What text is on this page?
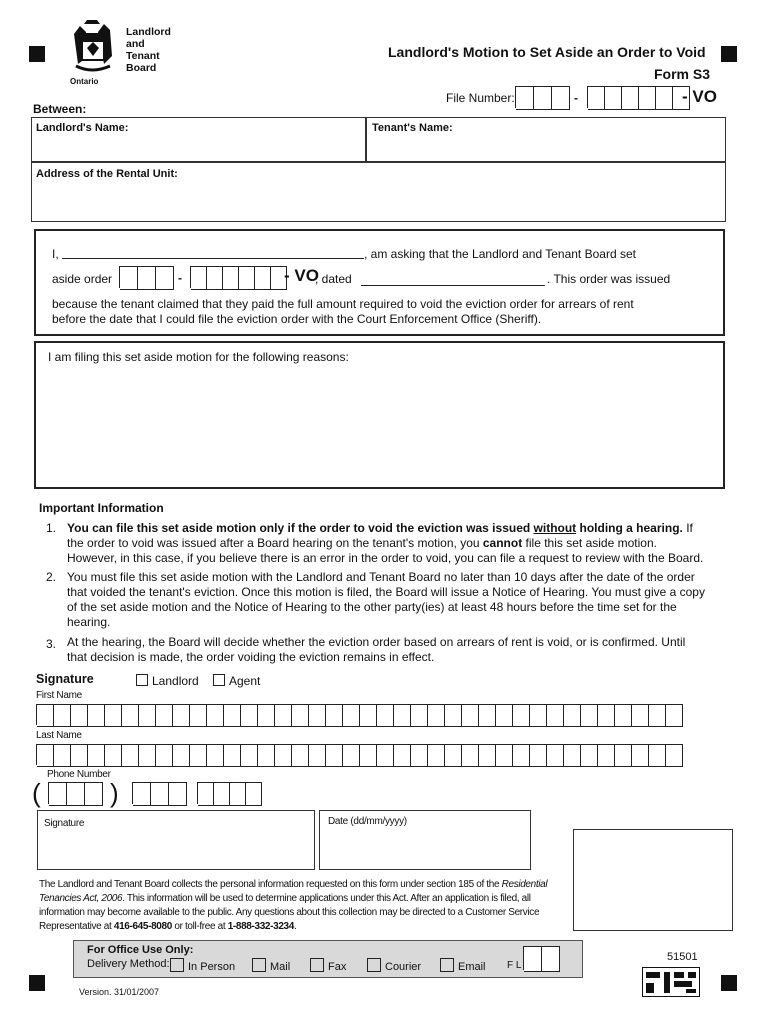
Landlord
and
Tenant
Board
Ontario
Landlord's Motion to Set Aside an Order to Void
Form S3
File Number:	-	- VO
Between:
Landlord's Name:	Tenant's Name:
Address of the Rental Unit:
I,	, am asking that the Landlord and Tenant Board set
aside order	-	- VO
, dated	. This order was issued
because the tenant claimed that they paid the full amount required to void the eviction order for arrears of rent
before the date that I could file the eviction order with the Court Enforcement Office (Sheriff).
I am filing this set aside motion for the following reasons:
Important Information
1. You can file this set aside motion only if the order to void the eviction was issued without holding a hearing. If
the order to void was issued after a Board hearing on the tenant's motion, you cannot file this set aside motion.
However, in this case, if you believe there is an error in the order to void, you can file a request to review with the Board.
2. You must file this set aside motion with the Landlord and Tenant Board no later than 10 days after the date of the order
that voided the tenant's eviction. Once this motion is filed, the Board will issue a Notice of Hearing. You must give a copy
of the set aside motion and the Notice of Hearing to the other party(ies) at least 48 hours before the time set for the
hearing.
3. At the hearing, the Board will decide whether the eviction order based on arrears of rent is void, or is confirmed. Until
that decision is made, the order voiding the eviction remains in effect.
Signature	Landlord	Agent
First Name
Last Name
Phone Number
(	)
Signature	Date (dd/mm/yyyy)
The Landlord and Tenant Board collects the personal information requested on this form under section 185 of the Residential
Tenancies Act, 2006. This information will be used to determine applications under this Act. After an application is filed, all
information may become available to the public. Any questions about this collection may be directed to a Customer Service
Representative at 416-645-8080 or toll-free at 1-888-332-3234.
For Office Use Only:
Delivery Method:	In Person	Mail	Fax	Courier	Email F L
51501
Version. 31/01/2007
